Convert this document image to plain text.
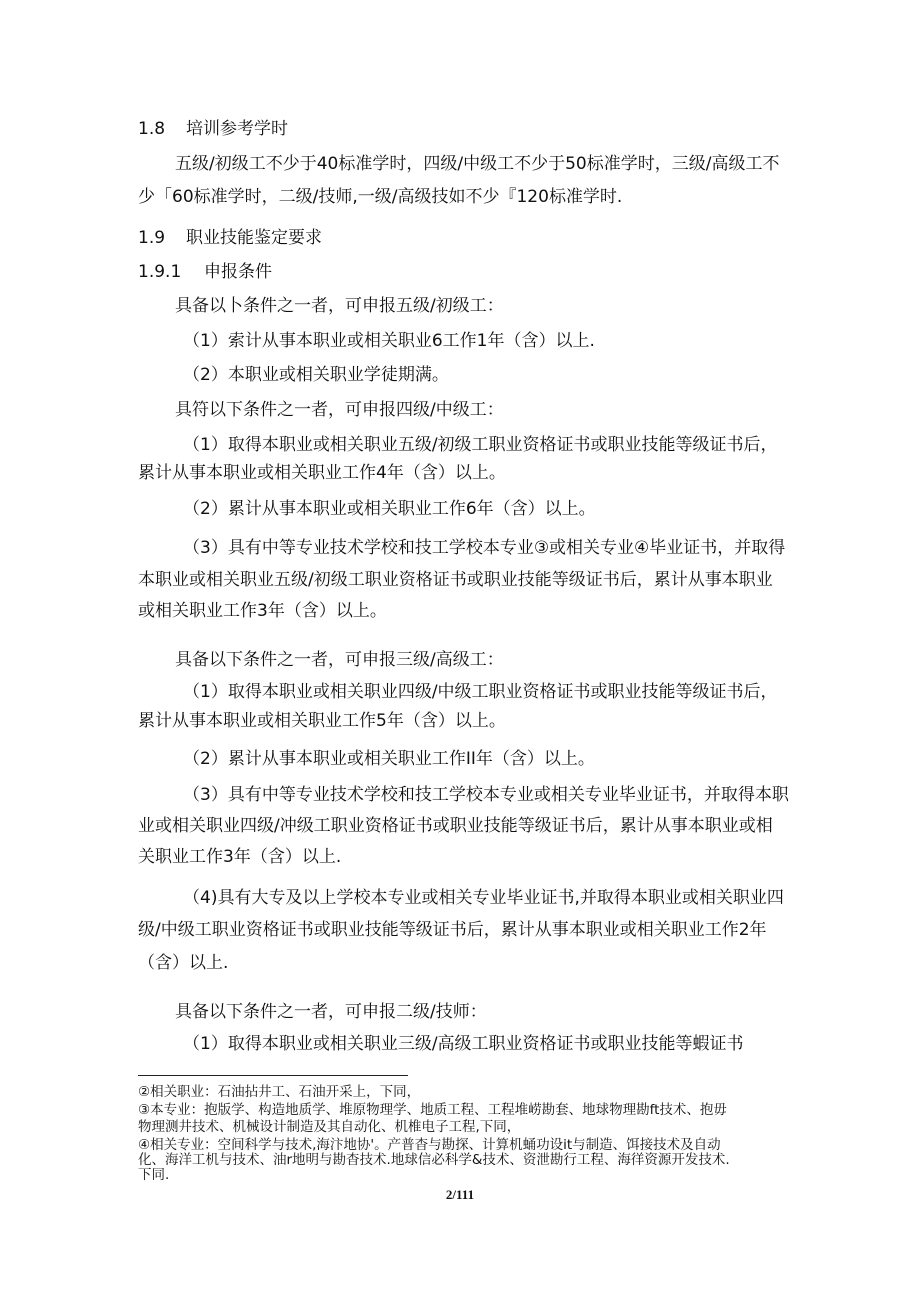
1.8 培训参考学时
五级/初级工不少于40标准学时，四级/中级工不少于50标准学时，三级/高级工不
少「60标准学时，二级/技师,一级/高级技如不少『120标准学时.
1.9 职业技能鉴定要求
1.9.1 申报条件
具备以卜条件之一者，可申报五级/初级工：
（1）索计从事本职业或相关职业6工作1年（含）以上.
（2）本职业或相关职业学徒期满。
具符以下条件之一者，可申报四级/中级工：
（1）取得本职业或相关职业五级/初级工职业资格证书或职业技能等级证书后，
累计从事本职业或相关职业工作4年（含）以上。
（2）累计从事本职业或相关职业工作6年（含）以上。
（3）具有中等专业技术学校和技工学校本专业③或相关专业④毕业证书，并取得
本职业或相关职业五级/初级工职业资格证书或职业技能等级证书后，累计从事本职业
或相关职业工作3年（含）以上。
具备以下条件之一者，可申报三级/高级工：
（1）取得本职业或相关职业四级/中级工职业资格证书或职业技能等级证书后，
累计从事本职业或相关职业工作5年（含）以上。
（2）累计从事本职业或相关职业工作II年（含）以上。
（3）具有中等专业技术学校和技工学校本专业或相关专业毕业证书，并取得本职
业或相关职业四级/冲级工职业资格证书或职业技能等级证书后，累计从事本职业或相
关职业工作3年（含）以上.
（4)具有大专及以上学校本专业或相关专业毕业证书,并取得本职业或相关职业四
级/中级工职业资格证书或职业技能等级证书后，累计从事本职业或相关职业工作2年
（含）以上.
具备以下条件之一者，可申报二级/技师：
（1）取得本职业或相关职业三级/高级工职业资格证书或职业技能等蝦证书
②相关职业：石油拈井工、石油开采上，下同，
③本专业：抱版学、构造地质学、堆原物理学、地质工程、工程堆崂勘套、地球物理勘ft技术、抱毋
物理测井技术、机械设计制造及其自动化、机椎电子工程,下同，
④相关专业：空间科学与技术,海汴地协'。产普杳与勘探、计算机蛹功设it与制造、饵接技术及自动
化、海洋工机与技术、油r地明与勘杳技术.地球信必科学&技术、资泄勘行工程、海徉资源开发技术.
下同.
2/111
